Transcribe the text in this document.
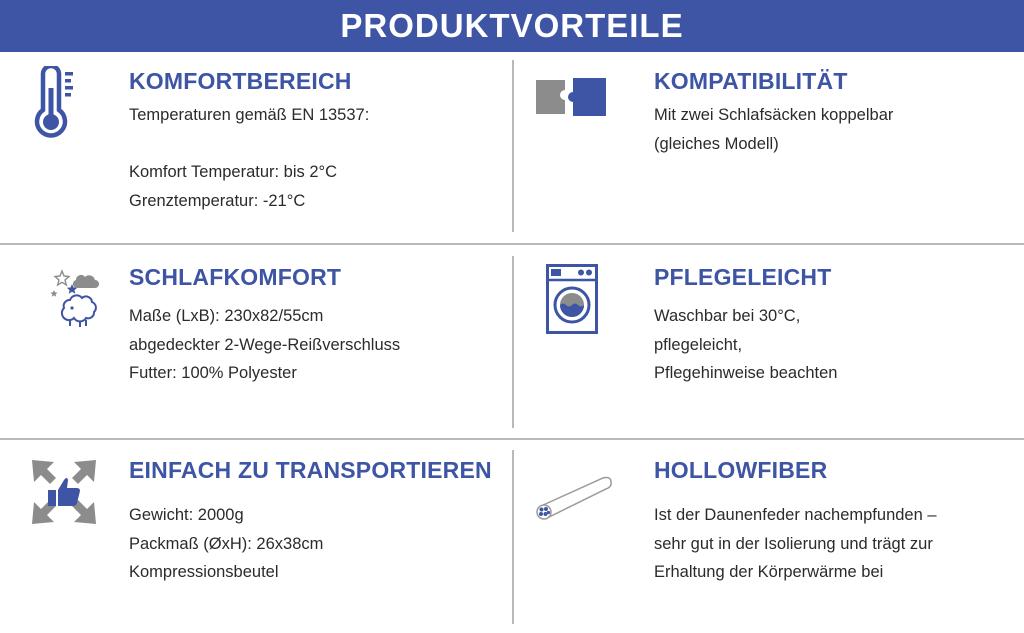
PRODUKTVORTEILE
KOMFORTBEREICH
Temperaturen gemäß EN 13537:
Komfort Temperatur: bis 2°C
Grenztemperatur: -21°C
KOMPATIBILITÄT
Mit zwei Schlafsäcken koppelbar
(gleiches Modell)
SCHLAFKOMFORT
Maße (LxB): 230x82/55cm
abgedeckter 2-Wege-Reißverschluss
Futter: 100% Polyester
PFLEGELEICHT
Waschbar bei 30°C,
pflegeleicht,
Pflegehinweise beachten
EINFACH ZU TRANSPORTIEREN
Gewicht: 2000g
Packmaß (ØxH): 26x38cm
Kompressionsbeutel
HOLLOWFIBER
Ist der Daunenfeder nachempfunden –
sehr gut in der Isolierung und trägt zur
Erhaltung der Körperwärme bei
